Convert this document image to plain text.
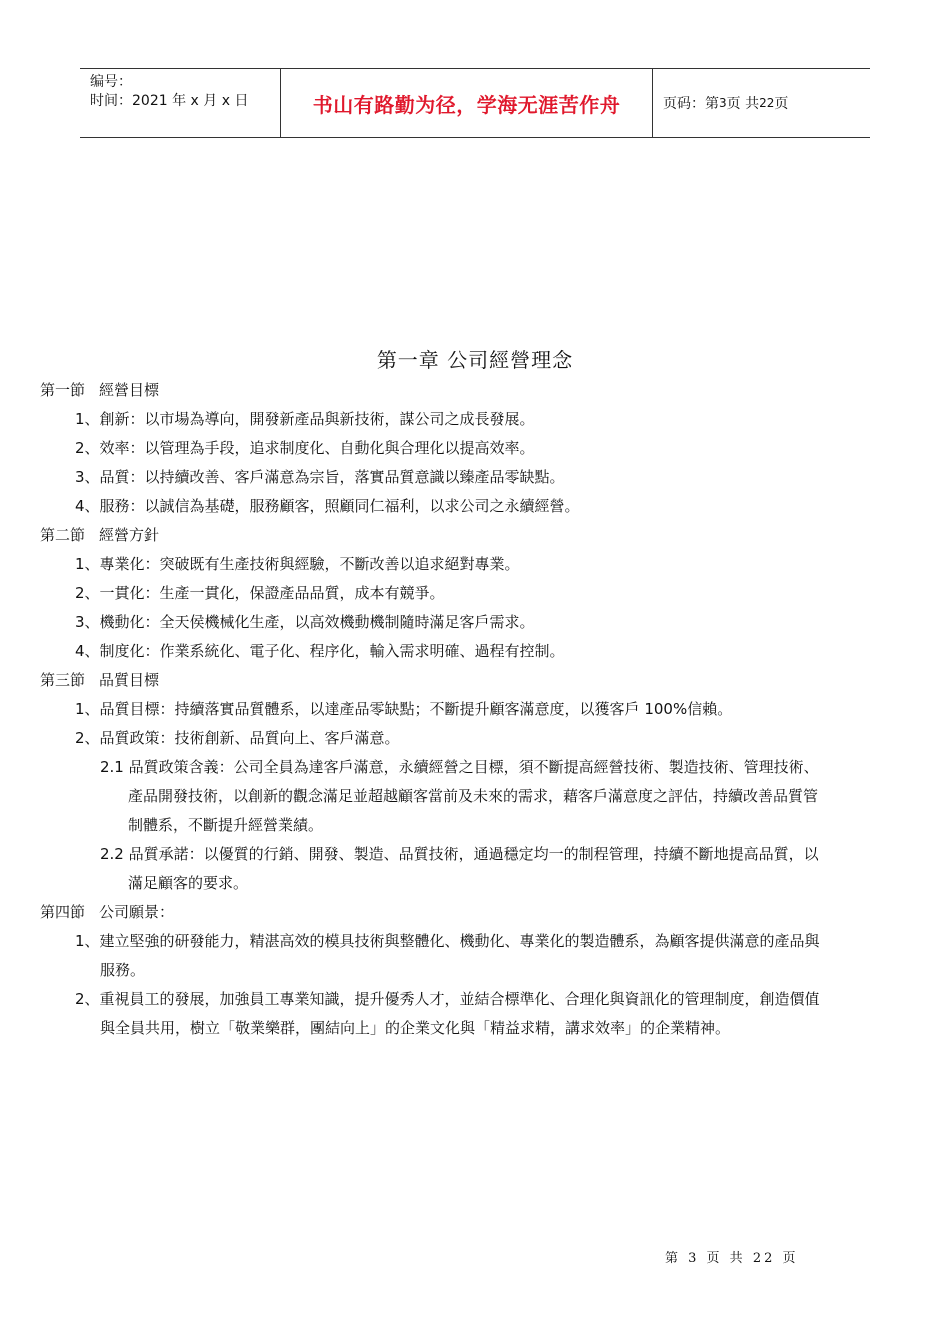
编号：
时间：2021 年 x 月 x 日	书山有路勤为径，学海无涯苦作舟	页码：第 3 页 共 22 页
第一章 公司經營理念
第一節 經營目標
1、創新：以市場為導向，開發新產品與新技術，謀公司之成長發展。
2、效率：以管理為手段，追求制度化、自動化與合理化以提高效率。
3、品質：以持續改善、客戶滿意為宗旨，落實品質意識以臻產品零缺點。
4、服務：以誠信為基礎，服務顧客，照顧同仁福利，以求公司之永續經營。
第二節 經營方針
1、專業化：突破既有生產技術與經驗，不斷改善以追求絕對專業。
2、一貫化：生產一貫化，保證產品品質，成本有競爭。
3、機動化：全天侯機械化生產，以高效機動機制隨時滿足客戶需求。
4、制度化：作業系統化、電子化、程序化，輸入需求明確、過程有控制。
第三節 品質目標
1、品質目標：持續落實品質體系，以達產品零缺點；不斷提升顧客滿意度，以獲客戶 100%信賴。
2、品質政策：技術創新、品質向上、客戶滿意。
2.1 品質政策含義：公司全員為達客戶滿意，永續經營之目標，須不斷提高經營技術、製造技術、管理技術、
產品開發技術，以創新的觀念滿足並超越顧客當前及未來的需求，藉客戶滿意度之評估，持續改善品質管
制體系，不斷提升經營業績。
2.2 品質承諾：以優質的行銷、開發、製造、品質技術，通過穩定均一的制程管理，持續不斷地提高品質，以
滿足顧客的要求。
第四節 公司願景：
1、建立堅強的研發能力，精湛高效的模具技術與整體化、機動化、專業化的製造體系，為顧客提供滿意的產品與
服務。
2、重視員工的發展，加強員工專業知識，提升優秀人才，並結合標準化、合理化與資訊化的管理制度，創造價值
與全員共用，樹立「敬業樂群，團結向上」的企業文化與「精益求精，講求效率」的企業精神。
第 3 页 共 22 页
